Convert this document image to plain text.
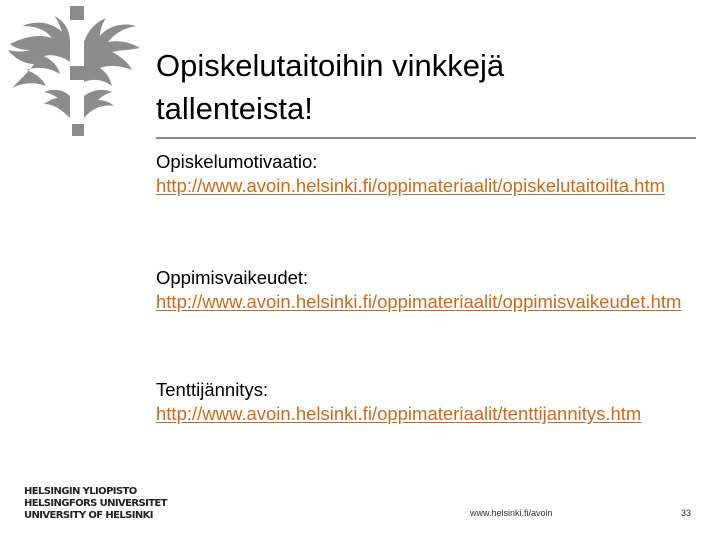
Opiskelutaitoihin vinkkejä
tallenteista!
Opiskelumotivaatio:
http://www.avoin.helsinki.fi/oppimateriaalit/opiskelutaitoilta.htm
Oppimisvaikeudet:
http://www.avoin.helsinki.fi/oppimateriaalit/oppimisvaikeudet.htm
Tenttijännitys:
http://www.avoin.helsinki.fi/oppimateriaalit/tenttijannitys.htm
HELSINGIN YLIOPISTO
HELSINGFORS UNIVERSITET
UNIVERSITY OF HELSINKI	www.helsinki.fi/avoin	33
